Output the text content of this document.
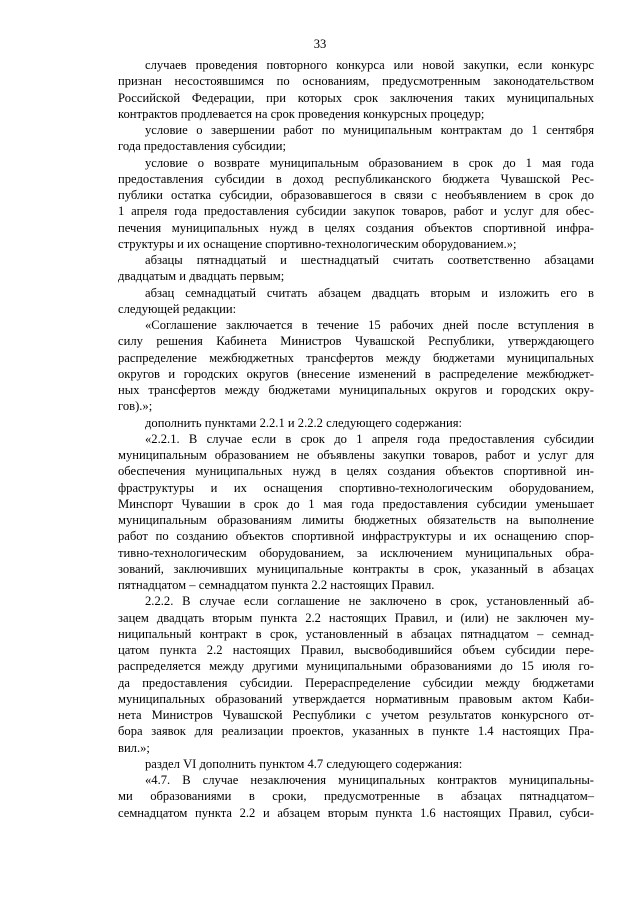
33
случаев проведения повторного конкурса или новой закупки, если конкурс
признан несостоявшимся по основаниям, предусмотренным законодательством
Российской Федерации, при которых срок заключения таких муниципальных
контрактов продлевается на срок проведения конкурсных процедур;
условие о завершении работ по муниципальным контрактам до 1 сентября
года предоставления субсидии;
условие о возврате муниципальным образованием в срок до 1 мая года
предоставления субсидии в доход республиканского бюджета Чувашской Рес-
публики остатка субсидии, образовавшегося в связи с необъявлением в срок до
1 апреля года предоставления субсидии закупок товаров, работ и услуг для обес-
печения муниципальных нужд в целях создания объектов спортивной инфра-
структуры и их оснащение спортивно-технологическим оборудованием.»;
абзацы пятнадцатый и шестнадцатый считать соответственно абзацами
двадцатым и двадцать первым;
абзац семнадцатый считать абзацем двадцать вторым и изложить его в
следующей редакции:
«Соглашение заключается в течение 15 рабочих дней после вступления в
силу решения Кабинета Министров Чувашской Республики, утверждающего
распределение межбюджетных трансфертов между бюджетами муниципальных
округов и городских округов (внесение изменений в распределение межбюджет-
ных трансфертов между бюджетами муниципальных округов и городских окру-
гов).»;
дополнить пунктами 2.2.1 и 2.2.2 следующего содержания:
«2.2.1. В случае если в срок до 1 апреля года предоставления субсидии
муниципальным образованием не объявлены закупки товаров, работ и услуг для
обеспечения муниципальных нужд в целях создания объектов спортивной ин-
фраструктуры и их оснащения спортивно-технологическим оборудованием,
Минспорт Чувашии в срок до 1 мая года предоставления субсидии уменьшает
муниципальным образованиям лимиты бюджетных обязательств на выполнение
работ по созданию объектов спортивной инфраструктуры и их оснащению спор-
тивно-технологическим оборудованием, за исключением муниципальных обра-
зований, заключивших муниципальные контракты в срок, указанный в абзацах
пятнадцатом – семнадцатом пункта 2.2 настоящих Правил.
2.2.2. В случае если соглашение не заключено в срок, установленный аб-
зацем двадцать вторым пункта 2.2 настоящих Правил, и (или) не заключен му-
ниципальный контракт в срок, установленный в абзацах пятнадцатом – семнад-
цатом пункта 2.2 настоящих Правил, высвободившийся объем субсидии пере-
распределяется между другими муниципальными образованиями до 15 июля го-
да предоставления субсидии. Перераспределение субсидии между бюджетами
муниципальных образований утверждается нормативным правовым актом Каби-
нета Министров Чувашской Республики с учетом результатов конкурсного от-
бора заявок для реализации проектов, указанных в пункте 1.4 настоящих Пра-
вил.»;
раздел VI дополнить пунктом 4.7 следующего содержания:
«4.7. В случае незаключения муниципальных контрактов муниципальны-
ми образованиями в сроки, предусмотренные в абзацах пятнадцатом–
семнадцатом пункта 2.2 и абзацем вторым пункта 1.6 настоящих Правил, субси-
